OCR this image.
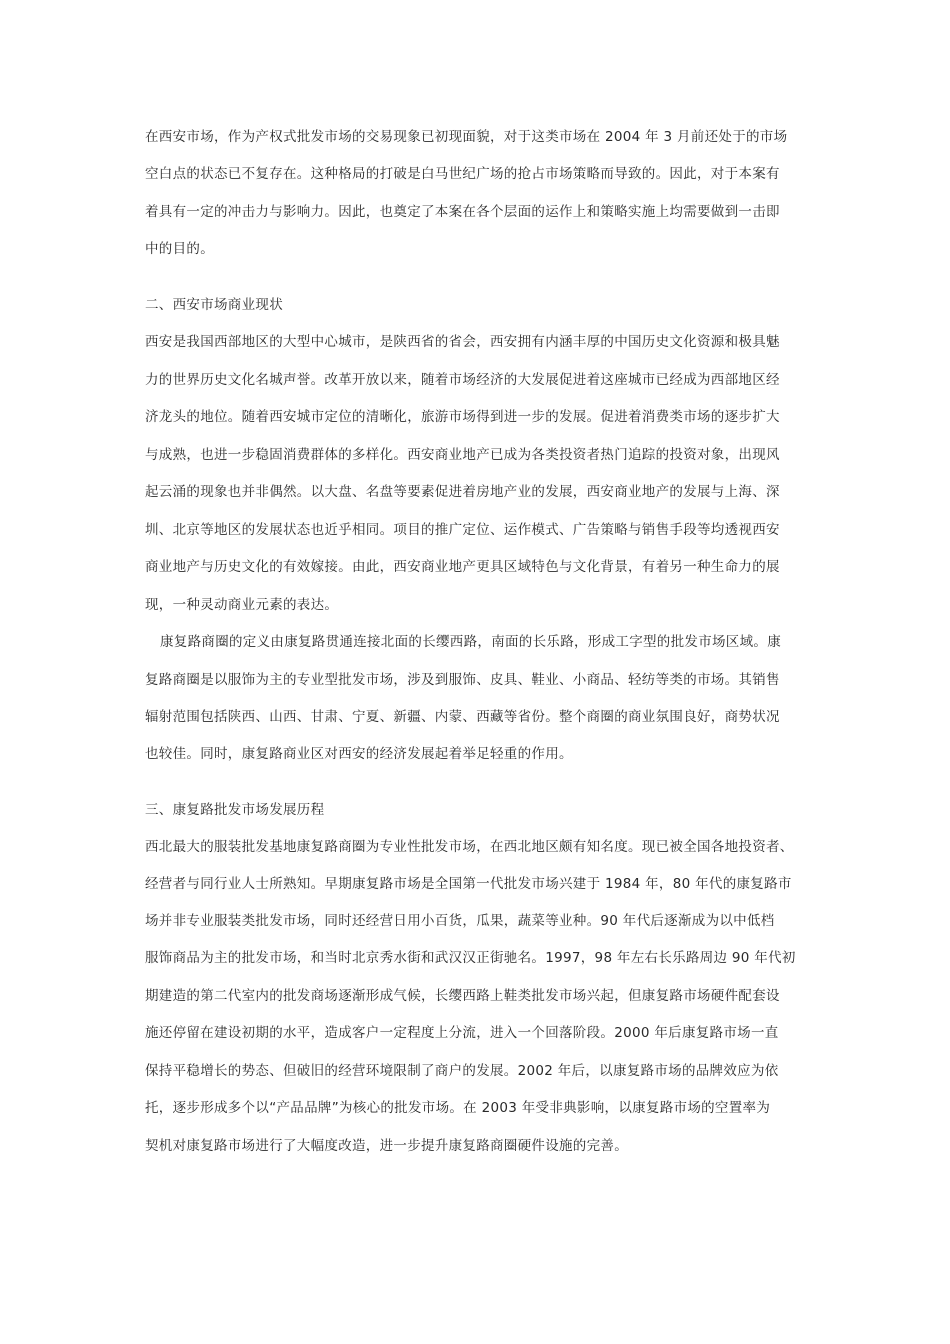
在西安市场，作为产权式批发市场的交易现象已初现面貌，对于这类市场在 2004 年 3 月前还处于的市场
空白点的状态已不复存在。这种格局的打破是白马世纪广场的抢占市场策略而导致的。因此，对于本案有
着具有一定的冲击力与影响力。因此，也奠定了本案在各个层面的运作上和策略实施上均需要做到一击即
中的目的。
二、西安市场商业现状
西安是我国西部地区的大型中心城市，是陕西省的省会，西安拥有内涵丰厚的中国历史文化资源和极具魅
力的世界历史文化名城声誉。改革开放以来，随着市场经济的大发展促进着这座城市已经成为西部地区经
济龙头的地位。随着西安城市定位的清晰化，旅游市场得到进一步的发展。促进着消费类市场的逐步扩大
与成熟，也进一步稳固消费群体的多样化。西安商业地产已成为各类投资者热门追踪的投资对象，出现风
起云涌的现象也并非偶然。以大盘、名盘等要素促进着房地产业的发展，西安商业地产的发展与上海、深
圳、北京等地区的发展状态也近乎相同。项目的推广定位、运作模式、广告策略与销售手段等均透视西安
商业地产与历史文化的有效嫁接。由此，西安商业地产更具区域特色与文化背景，有着另一种生命力的展
现，一种灵动商业元素的表达。
康复路商圈的定义由康复路贯通连接北面的长缨西路，南面的长乐路，形成工字型的批发市场区域。康
复路商圈是以服饰为主的专业型批发市场，涉及到服饰、皮具、鞋业、小商品、轻纺等类的市场。其销售
辐射范围包括陕西、山西、甘肃、宁夏、新疆、内蒙、西藏等省份。整个商圈的商业氛围良好，商势状况
也较佳。同时，康复路商业区对西安的经济发展起着举足轻重的作用。
三、康复路批发市场发展历程
西北最大的服装批发基地康复路商圈为专业性批发市场，在西北地区颇有知名度。现已被全国各地投资者、
经营者与同行业人士所熟知。早期康复路市场是全国第一代批发市场兴建于 1984 年，80 年代的康复路市
场并非专业服装类批发市场，同时还经营日用小百货，瓜果，蔬菜等业种。90 年代后逐渐成为以中低档
服饰商品为主的批发市场，和当时北京秀水街和武汉汉正街驰名。1997，98 年左右长乐路周边 90 年代初
期建造的第二代室内的批发商场逐渐形成气候，长缨西路上鞋类批发市场兴起，但康复路市场硬件配套设
施还停留在建设初期的水平，造成客户一定程度上分流，进入一个回落阶段。2000 年后康复路市场一直
保持平稳增长的势态、但破旧的经营环境限制了商户的发展。2002 年后，以康复路市场的品牌效应为依
托，逐步形成多个以“产品品牌”为核心的批发市场。在 2003 年受非典影响，以康复路市场的空置率为
契机对康复路市场进行了大幅度改造，进一步提升康复路商圈硬件设施的完善。
